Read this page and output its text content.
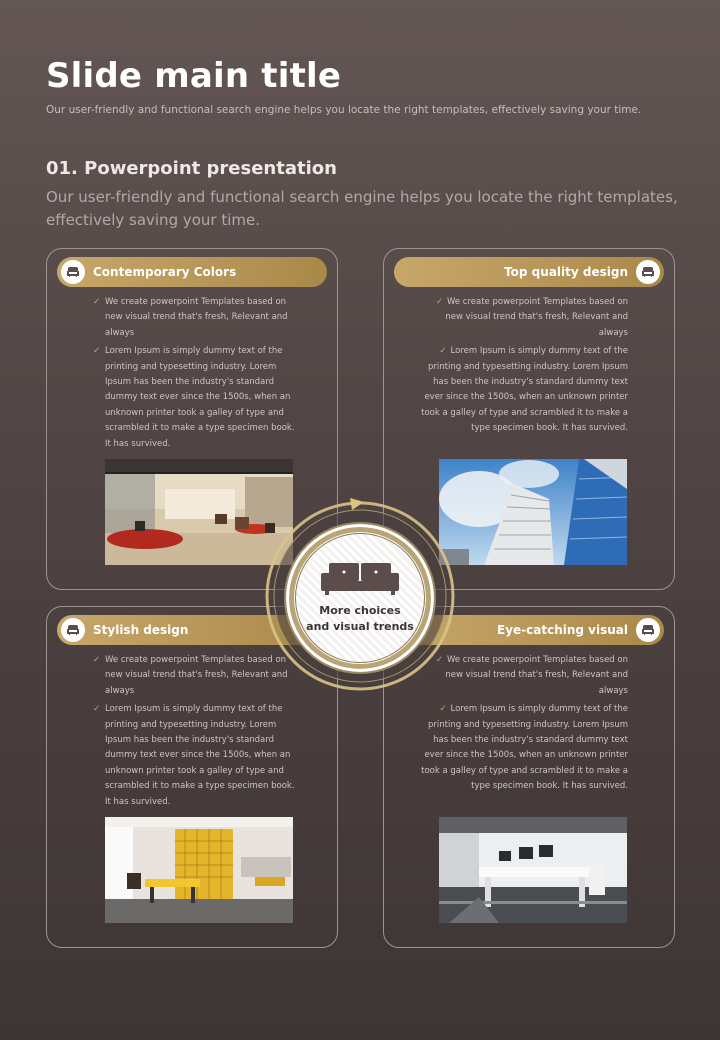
Slide main title
Our user-friendly and functional search engine helps you locate the right templates, effectively saving your time.
01. Powerpoint presentation
Our user-friendly and functional search engine helps you locate the right templates, effectively saving your time.
Contemporary Colors
✓ We create powerpoint Templates based on new visual trend that's fresh, Relevant and always
✓ Lorem Ipsum is simply dummy text of the printing and typesetting industry. Lorem Ipsum has been the industry's standard dummy text ever since the 1500s, when an unknown printer took a galley of type and scrambled it to make a type specimen book. It has survived.
Top quality design
✓ We create powerpoint Templates based on new visual trend that's fresh, Relevant and always
✓ Lorem Ipsum is simply dummy text of the printing and typesetting industry. Lorem Ipsum has been the industry's standard dummy text ever since the 1500s, when an unknown printer took a galley of type and scrambled it to make a type specimen book. It has survived.
Stylish design
✓ We create powerpoint Templates based on new visual trend that's fresh, Relevant and always
✓ Lorem Ipsum is simply dummy text of the printing and typesetting industry. Lorem Ipsum has been the industry's standard dummy text ever since the 1500s, when an unknown printer took a galley of type and scrambled it to make a type specimen book. It has survived.
Eye-catching visual
✓ We create powerpoint Templates based on new visual trend that's fresh, Relevant and always
✓ Lorem Ipsum is simply dummy text of the printing and typesetting industry. Lorem Ipsum has been the industry's standard dummy text ever since the 1500s, when an unknown printer took a galley of type and scrambled it to make a type specimen book. It has survived.
More choices
and visual trends
